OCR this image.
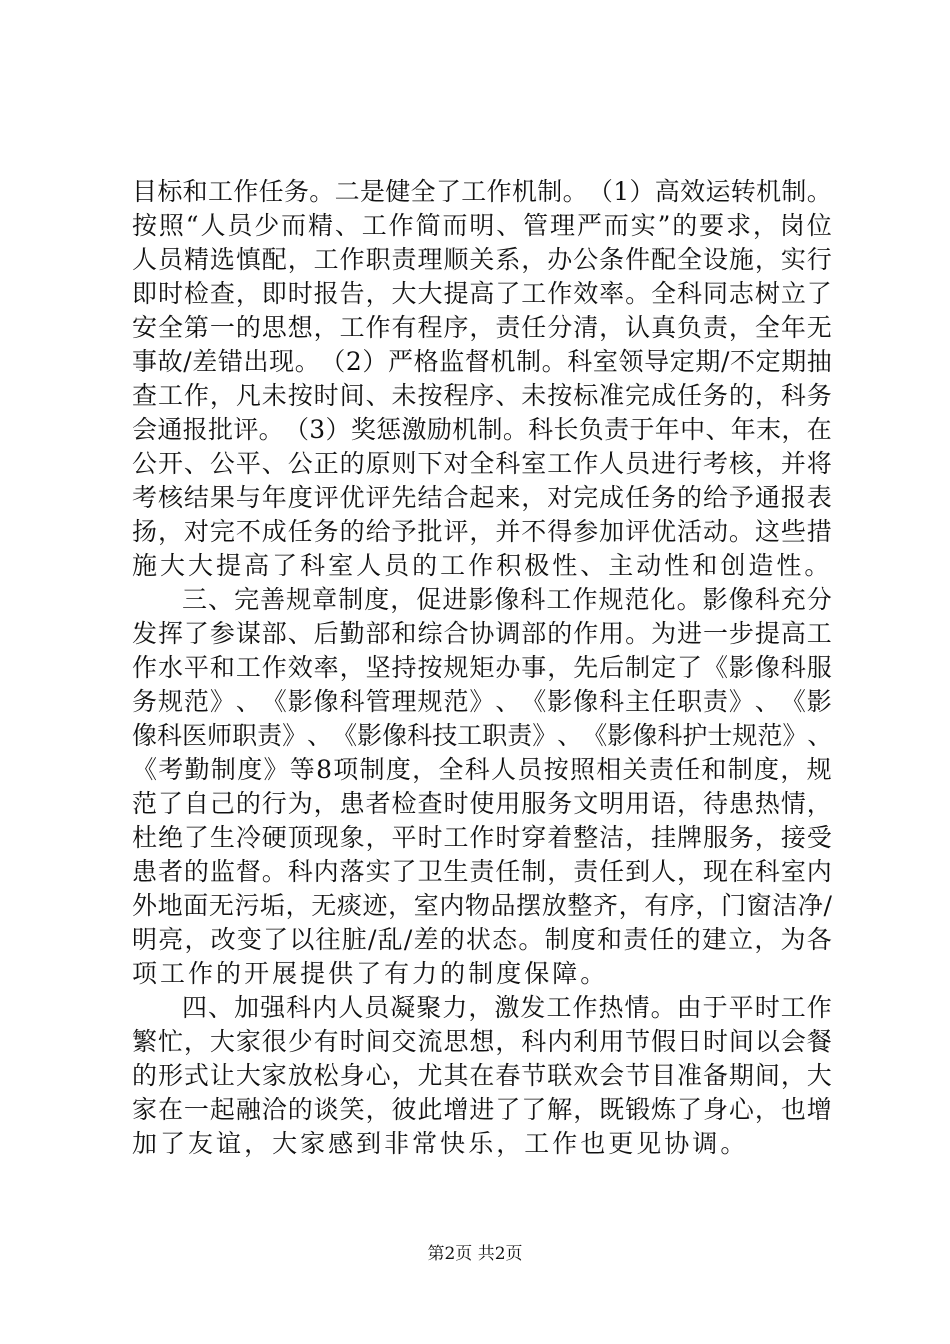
目 标 和 工 作 任 务 。 二 是 健 全 了 工 作 机 制 。 （ 1 ） 高 效 运 转 机 制 。
按 照 “ 人 员 少 而 精 、 工 作 简 而 明 、 管 理 严 而 实 ” 的 要 求 ， 岗 位
人 员 精 选 慎 配 ， 工 作 职 责 理 顺 关 系 ， 办 公 条 件 配 全 设 施 ， 实 行
即 时 检 查 ， 即 时 报 告 ， 大 大 提 高 了 工 作 效 率 。 全 科 同 志 树 立 了
安 全 第 一 的 思 想 ， 工 作 有 程 序 ， 责 任 分 清 ， 认 真 负 责 ， 全 年 无
事 故 / 差 错 出 现 。 （ 2 ） 严 格 监 督 机 制 。 科 室 领 导 定 期 / 不 定 期 抽
查 工 作 ， 凡 未 按 时 间 、 未 按 程 序 、 未 按 标 准 完 成 任 务 的 ， 科 务
会 通 报 批 评 。 （ 3 ） 奖 惩 激 励 机 制 。 科 长 负 责 于 年 中 、 年 末 ， 在
公 开 、 公 平 、 公 正 的 原 则 下 对 全 科 室 工 作 人 员 进 行 考 核 ， 并 将
考 核 结 果 与 年 度 评 优 评 先 结 合 起 来 ， 对 完 成 任 务 的 给 予 通 报 表
扬 ， 对 完 不 成 任 务 的 给 予 批 评 ， 并 不 得 参 加 评 优 活 动 。 这 些 措
施 大 大 提 高 了 科 室 人 员 的 工 作 积 极 性 、 主 动 性 和 创 造 性 。
三 、 完 善 规 章 制 度 ， 促 进 影 像 科 工 作 规 范 化 。 影 像 科 充 分
发 挥 了 参 谋 部 、 后 勤 部 和 综 合 协 调 部 的 作 用 。 为 进 一 步 提 高 工
作 水 平 和 工 作 效 率 ， 坚 持 按 规 矩 办 事 ， 先 后 制 定 了 《 影 像 科 服
务 规 范 》 、 《 影 像 科 管 理 规 范 》 、 《 影 像 科 主 任 职 责 》 、 《 影
像 科 医 师 职 责 》 、 《 影 像 科 技 工 职 责 》 、 《 影 像 科 护 士 规 范 》 、
《 考 勤 制 度 》 等 8 项 制 度 ， 全 科 人 员 按 照 相 关 责 任 和 制 度 ， 规
范 了 自 己 的 行 为 ， 患 者 检 查 时 使 用 服 务 文 明 用 语 ， 待 患 热 情 ，
杜 绝 了 生 冷 硬 顶 现 象 ， 平 时 工 作 时 穿 着 整 洁 ， 挂 牌 服 务 ， 接 受
患 者 的 监 督 。 科 内 落 实 了 卫 生 责 任 制 ， 责 任 到 人 ， 现 在 科 室 内
外 地 面 无 污 垢 ， 无 痰 迹 ， 室 内 物 品 摆 放 整 齐 ， 有 序 ， 门 窗 洁 净 /
明 亮 ， 改 变 了 以 往 脏 / 乱 / 差 的 状 态 。 制 度 和 责 任 的 建 立 ， 为 各
项 工 作 的 开 展 提 供 了 有 力 的 制 度 保 障 。
四 、 加 强 科 内 人 员 凝 聚 力 ， 激 发 工 作 热 情 。 由 于 平 时 工 作
繁 忙 ， 大 家 很 少 有 时 间 交 流 思 想 ， 科 内 利 用 节 假 日 时 间 以 会 餐
的 形 式 让 大 家 放 松 身 心 ， 尤 其 在 春 节 联 欢 会 节 目 准 备 期 间 ， 大
家 在 一 起 融 洽 的 谈 笑 ， 彼 此 增 进 了 了 解 ， 既 锻 炼 了 身 心 ， 也 增
加 了 友 谊 ， 大 家 感 到 非 常 快 乐 ， 工 作 也 更 见 协 调 。
第2页 共2页
